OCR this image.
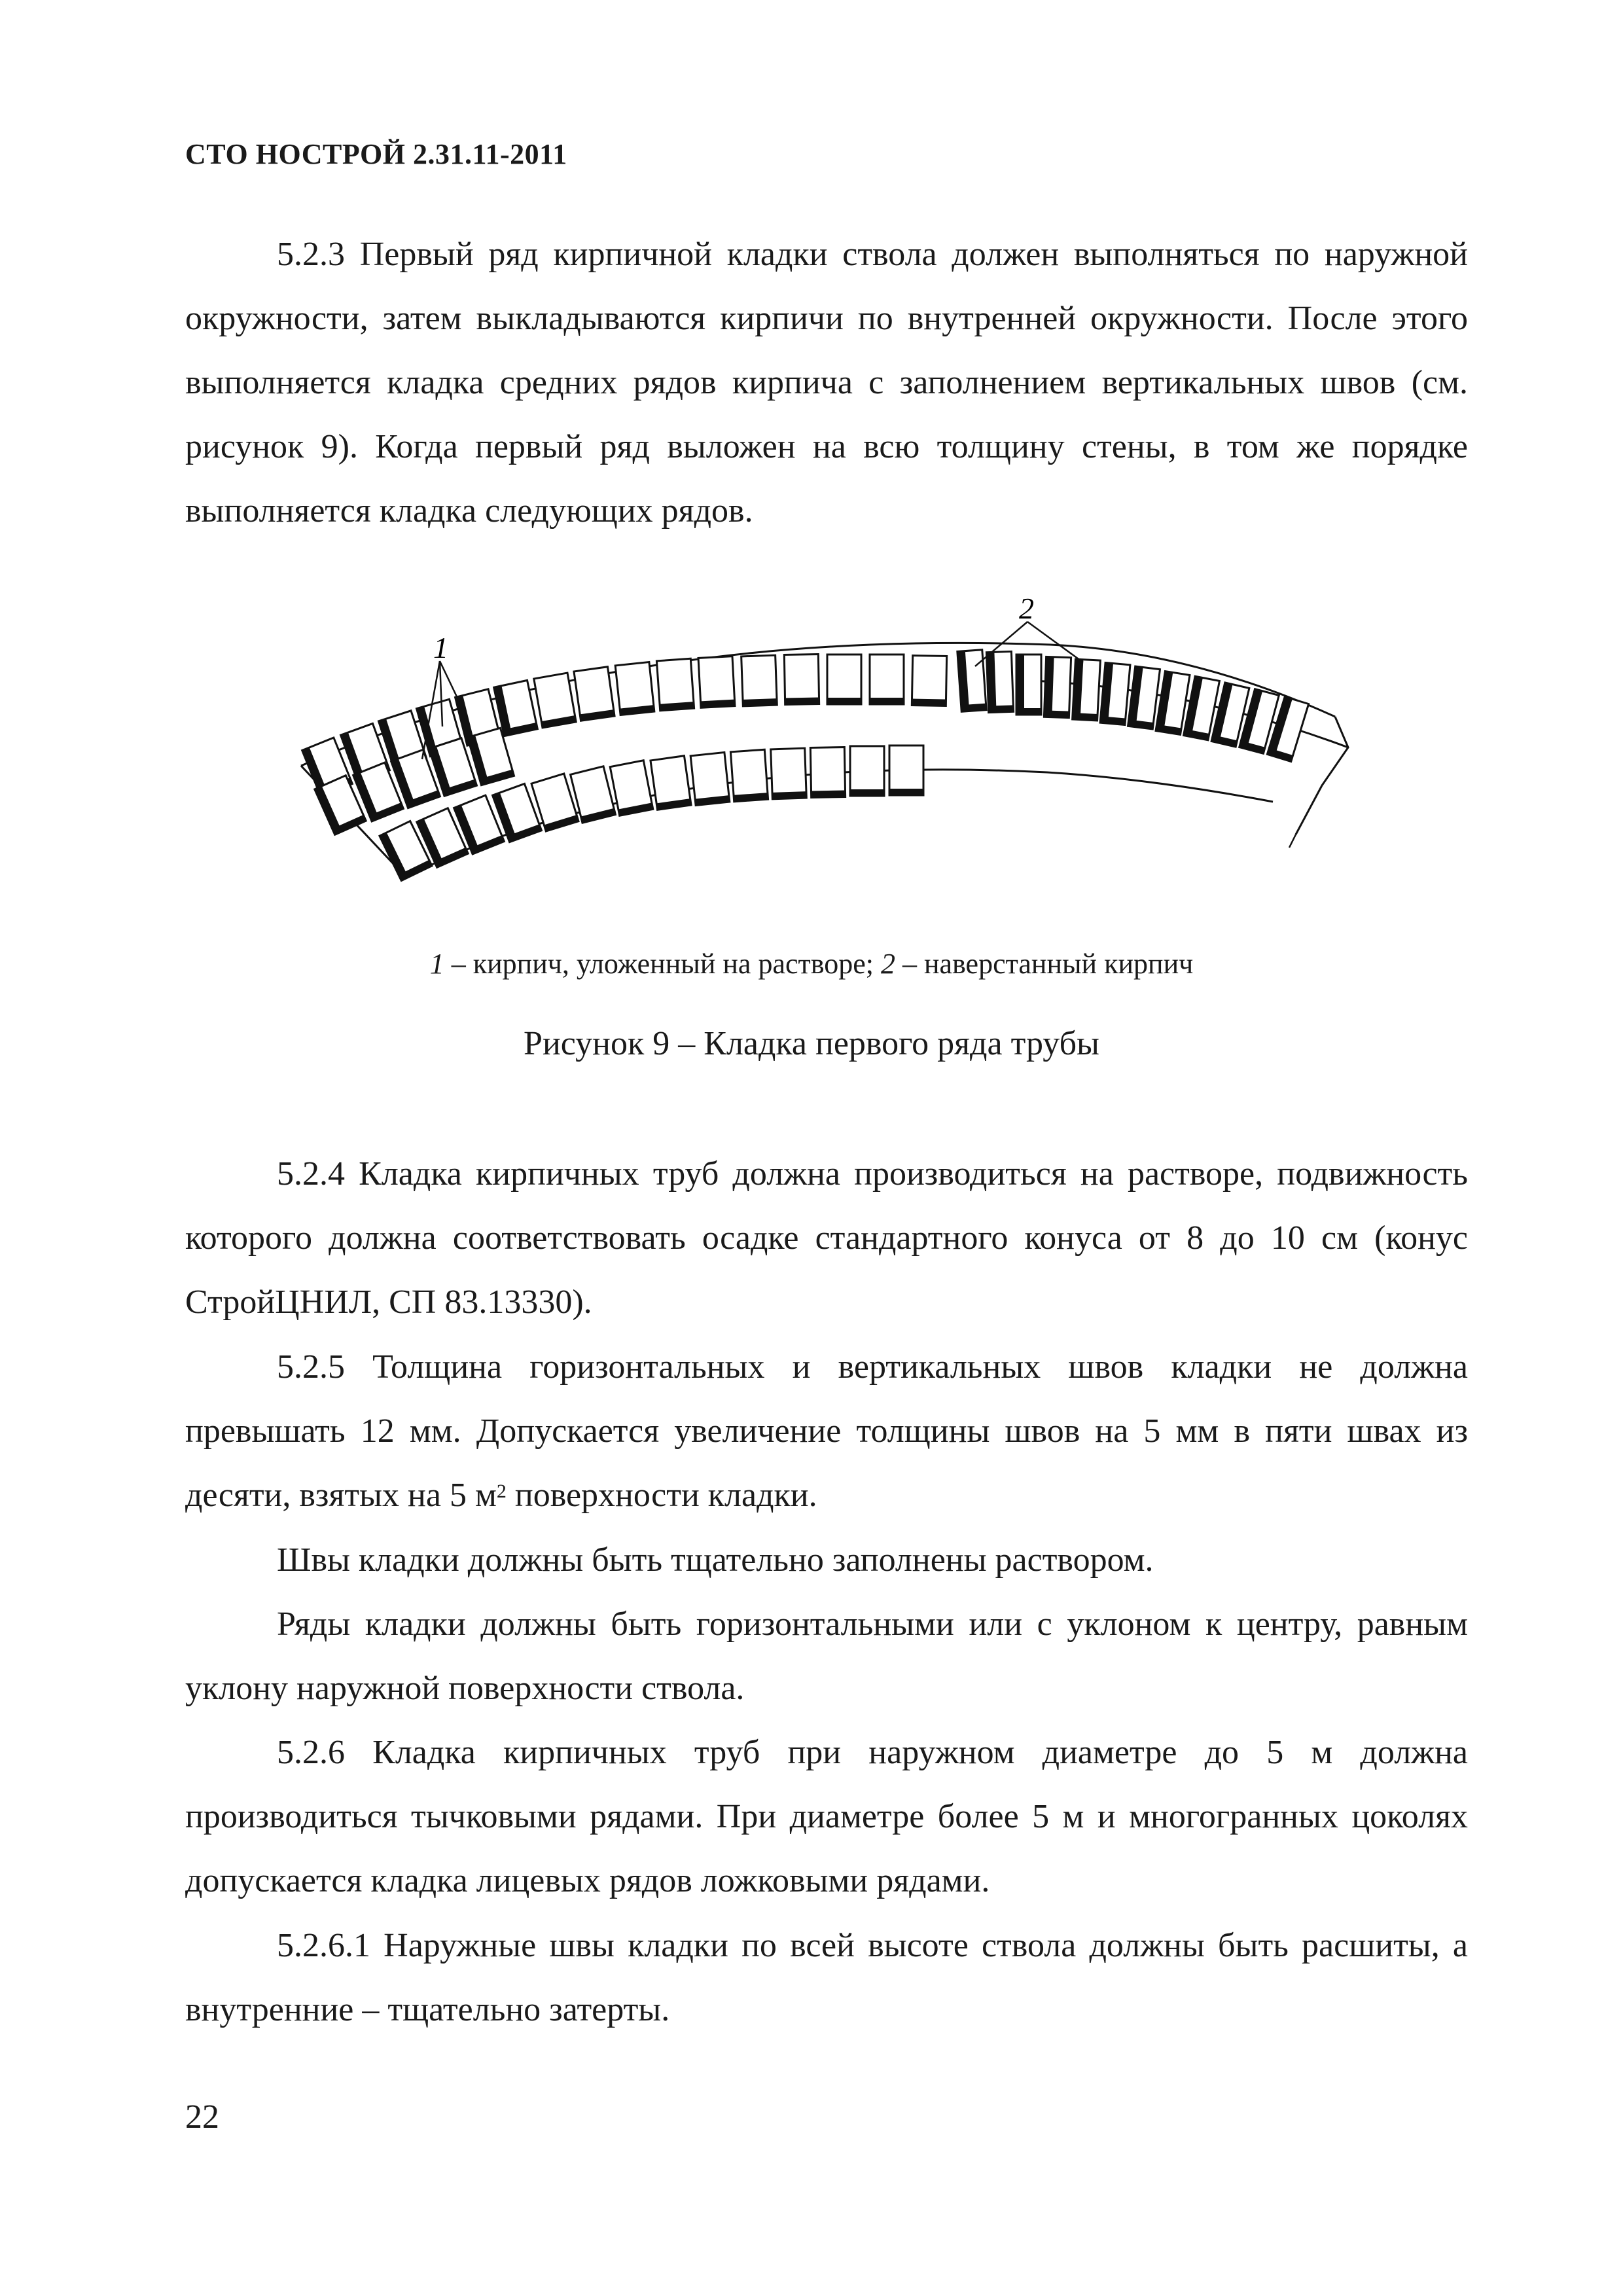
СТО НОСТРОЙ 2.31.11-2011

5.2.3 Первый ряд кирпичной кладки ствола должен выполняться по наружной окружности, затем выкладываются кирпичи по внутренней окружности. После этого выполняется кладка средних рядов кирпича с заполнением вертикальных швов (см. рисунок 9). Когда первый ряд выложен на всю толщину стены, в том же порядке выполняется кладка следующих рядов.

1
2
1 – кирпич, уложенный на растворе; 2 – наверстанный кирпич
Рисунок 9 – Кладка первого ряда трубы

5.2.4 Кладка кирпичных труб должна производиться на растворе, подвижность которого должна соответствовать осадке стандартного конуса от 8 до 10 см (конус СтройЦНИЛ, СП 83.13330).

5.2.5 Толщина горизонтальных и вертикальных швов кладки не должна превышать 12 мм. Допускается увеличение толщины швов на 5 мм в пяти швах из десяти, взятых на 5 $м^2$ поверхности кладки.

Швы кладки должны быть тщательно заполнены раствором.

Ряды кладки должны быть горизонтальными или с уклоном к центру, равным уклону наружной поверхности ствола.

5.2.6 Кладка кирпичных труб при наружном диаметре до 5 м должна производиться тычковыми рядами. При диаметре более 5 м и многогранных цоколях допускается кладка лицевых рядов ложковыми рядами.

5.2.6.1 Наружные швы кладки по всей высоте ствола должны быть расшиты, а внутренние – тщательно затерты.

22
